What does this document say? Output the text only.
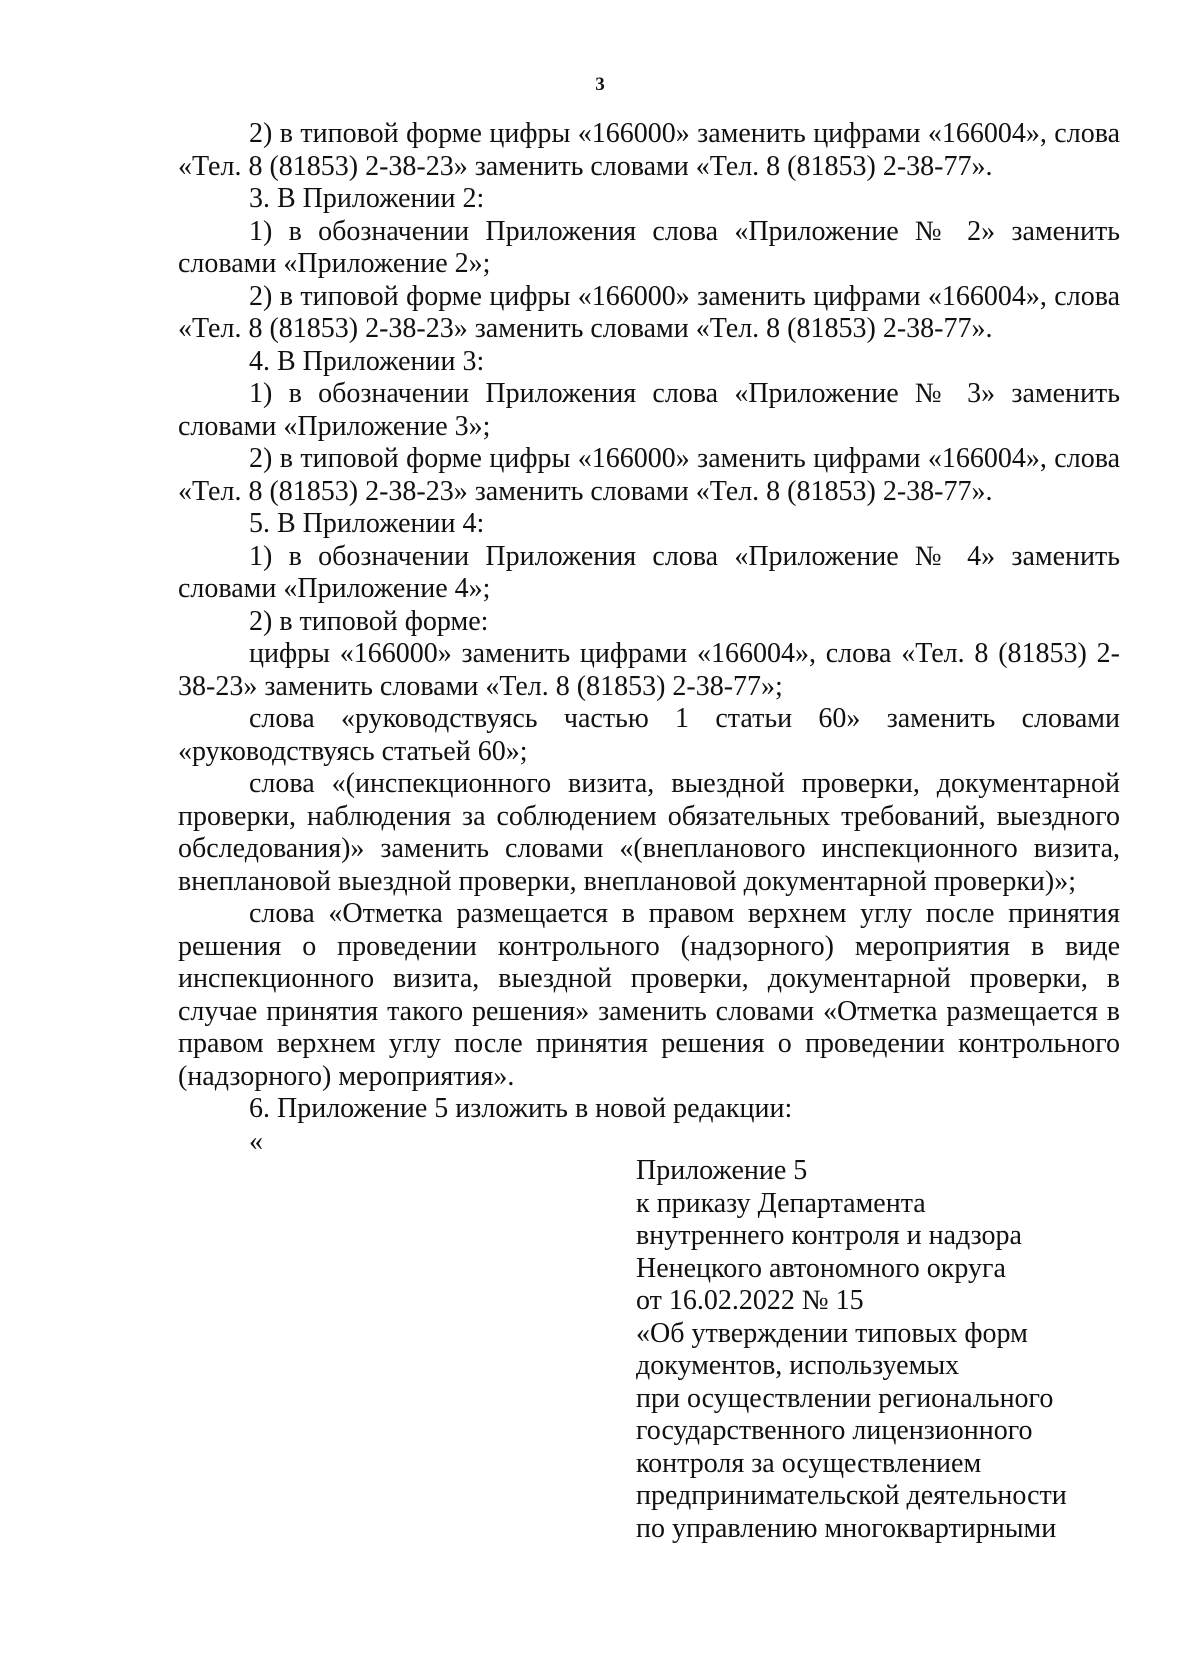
3

2) в типовой форме цифры «166000» заменить цифрами «166004», слова «Тел. 8 (81853) 2-38-23» заменить словами «Тел. 8 (81853) 2-38-77».

3. В Приложении 2:

1) в обозначении Приложения слова «Приложение № 2» заменить словами «Приложение 2»;

2) в типовой форме цифры «166000» заменить цифрами «166004», слова «Тел. 8 (81853) 2-38-23» заменить словами «Тел. 8 (81853) 2-38-77».

4. В Приложении 3:

1) в обозначении Приложения слова «Приложение № 3» заменить словами «Приложение 3»;

2) в типовой форме цифры «166000» заменить цифрами «166004», слова «Тел. 8 (81853) 2-38-23» заменить словами «Тел. 8 (81853) 2-38-77».

5. В Приложении 4:

1) в обозначении Приложения слова «Приложение № 4» заменить словами «Приложение 4»;

2) в типовой форме:

цифры «166000» заменить цифрами «166004», слова «Тел. 8 (81853) 2-38-23» заменить словами «Тел. 8 (81853) 2-38-77»;

слова «руководствуясь частью 1 статьи 60» заменить словами «руководствуясь статьей 60»;

слова «(инспекционного визита, выездной проверки, документарной проверки, наблюдения за соблюдением обязательных требований, выездного обследования)» заменить словами «(внепланового инспекционного визита, внеплановой выездной проверки, внеплановой документарной проверки)»;

слова «Отметка размещается в правом верхнем углу после принятия решения о проведении контрольного (надзорного) мероприятия в виде инспекционного визита, выездной проверки, документарной проверки, в случае принятия такого решения» заменить словами «Отметка размещается в правом верхнем углу после принятия решения о проведении контрольного (надзорного) мероприятия».

6. Приложение 5 изложить в новой редакции:

«

Приложение 5
к приказу Департамента
внутреннего контроля и надзора
Ненецкого автономного округа
от 16.02.2022 № 15
«Об утверждении типовых форм
документов, используемых
при осуществлении регионального
государственного лицензионного
контроля за осуществлением
предпринимательской деятельности
по управлению многоквартирными
